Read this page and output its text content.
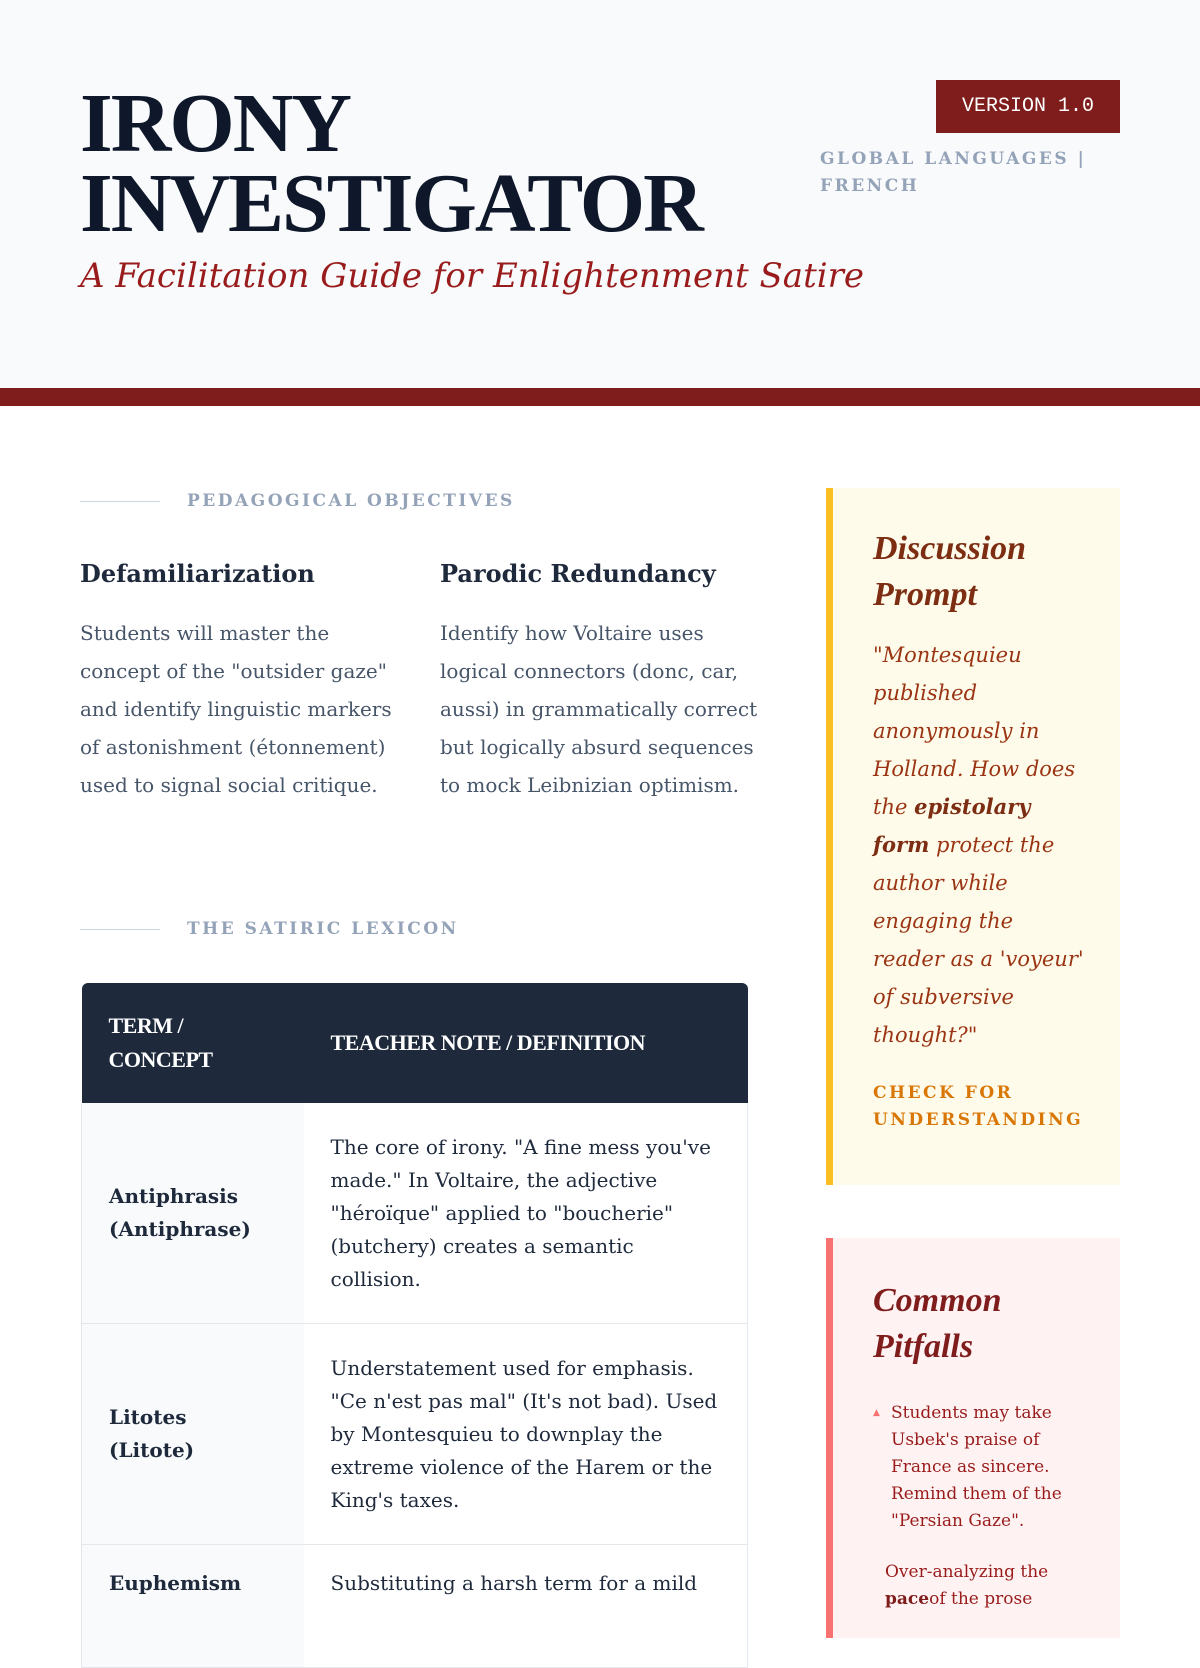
IRONY
INVESTIGATOR

A Facilitation Guide for Enlightenment Satire

VERSION 1.0
GLOBAL LANGUAGES | FRENCH
PEDAGOGICAL OBJECTIVES
Defamiliarization

Students will master the concept of the "outsider gaze" and identify linguistic markers of astonishment (étonnement) used to signal social critique.

Parodic Redundancy

Identify how Voltaire uses logical connectors (donc, car, aussi) in grammatically correct but logically absurd sequences to mock Leibnizian optimism.

THE SATIRIC LEXICON
TERM / CONCEPT	TEACHER NOTE / DEFINITION
Antiphrasis (Antiphrase)	The core of irony. "A fine mess you've made." In Voltaire, the adjective "héroïque" applied to "boucherie" (butchery) creates a semantic collision.
Litotes (Litote)	Understatement used for emphasis. "Ce n'est pas mal" (It's not bad). Used by Montesquieu to downplay the extreme violence of the Harem or the King's taxes.
Euphemism	Substituting a harsh term for a mild
Discussion Prompt

"Montesquieu published anonymously in Holland. How does the epistolary form protect the author while engaging the reader as a 'voyeur' of subversive thought?"

CHECK FOR UNDERSTANDING
Common Pitfalls
▲ Students may take Usbek's praise of France as sincere. Remind them of the "Persian Gaze".
Over-analyzing the paceof the prose
